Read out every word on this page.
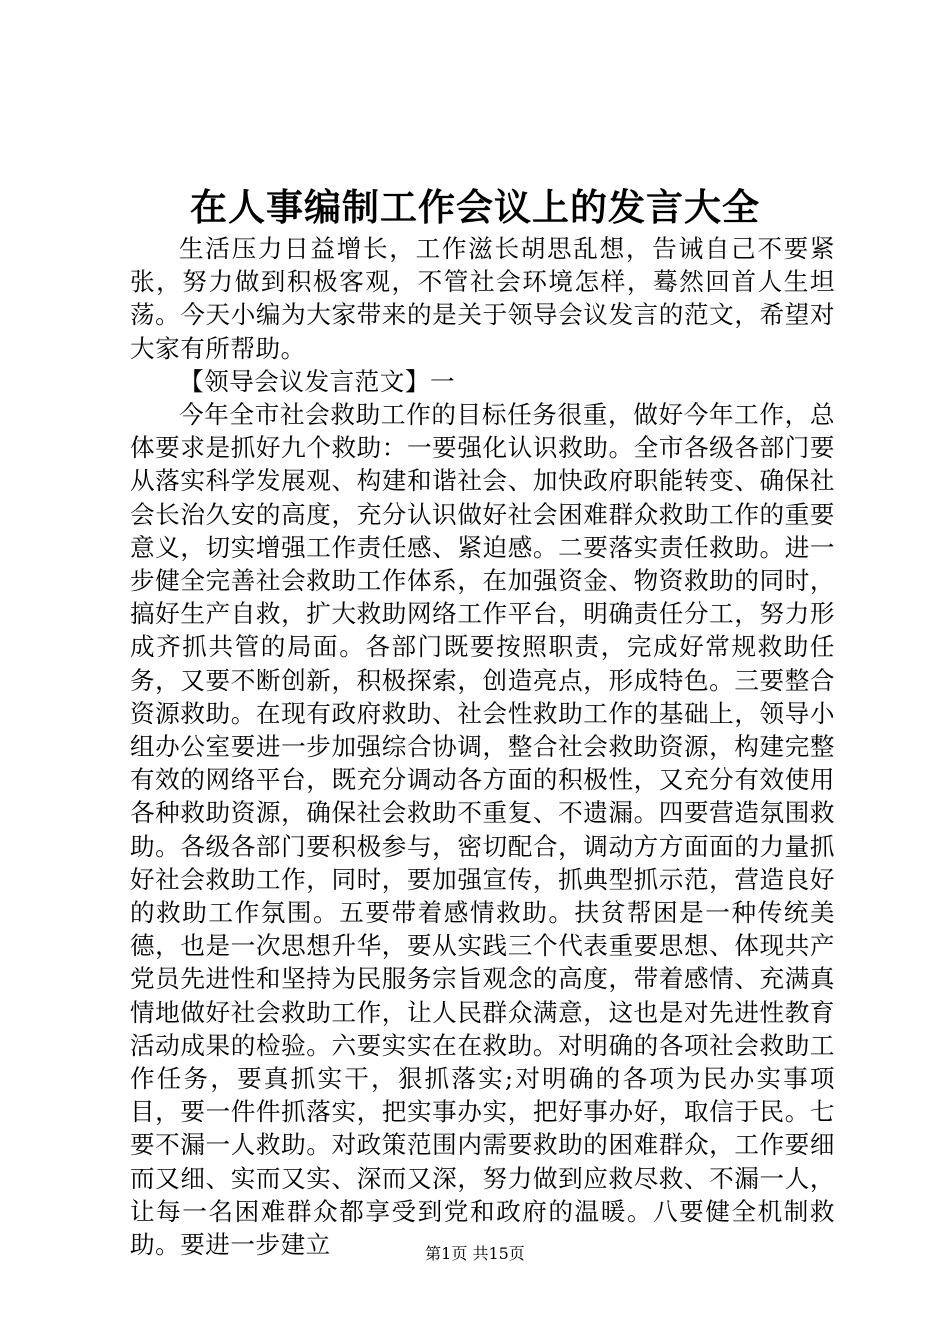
在人事编制工作会议上的发言大全

生活压力日益增长，工作滋长胡思乱想，告诫自己不要紧张，努力做到积极客观，不管社会环境怎样，蓦然回首人生坦荡。今天小编为大家带来的是关于领导会议发言的范文，希望对大家有所帮助。

【领导会议发言范文】一

今年全市社会救助工作的目标任务很重，做好今年工作，总体要求是抓好九个救助：一要强化认识救助。全市各级各部门要从落实科学发展观、构建和谐社会、加快政府职能转变、确保社会长治久安的高度，充分认识做好社会困难群众救助工作的重要意义，切实增强工作责任感、紧迫感。二要落实责任救助。进一步健全完善社会救助工作体系，在加强资金、物资救助的同时，搞好生产自救，扩大救助网络工作平台，明确责任分工，努力形成齐抓共管的局面。各部门既要按照职责，完成好常规救助任务，又要不断创新，积极探索，创造亮点，形成特色。三要整合资源救助。在现有政府救助、社会性救助工作的基础上，领导小组办公室要进一步加强综合协调，整合社会救助资源，构建完整有效的网络平台，既充分调动各方面的积极性，又充分有效使用各种救助资源，确保社会救助不重复、不遗漏。四要营造氛围救助。各级各部门要积极参与，密切配合，调动方方面面的力量抓好社会救助工作，同时，要加强宣传，抓典型抓示范，营造良好的救助工作氛围。五要带着感情救助。扶贫帮困是一种传统美德，也是一次思想升华，要从实践三个代表重要思想、体现共产党员先进性和坚持为民服务宗旨观念的高度，带着感情、充满真情地做好社会救助工作，让人民群众满意，这也是对先进性教育活动成果的检验。六要实实在在救助。对明确的各项社会救助工作任务，要真抓实干，狠抓落实;对明确的各项为民办实事项目，要一件件抓落实，把实事办实，把好事办好，取信于民。七要不漏一人救助。对政策范围内需要救助的困难群众，工作要细而又细、实而又实、深而又深，努力做到应救尽救、不漏一人，让每一名困难群众都享受到党和政府的温暖。八要健全机制救助。要进一步建立	第1页 共15页
